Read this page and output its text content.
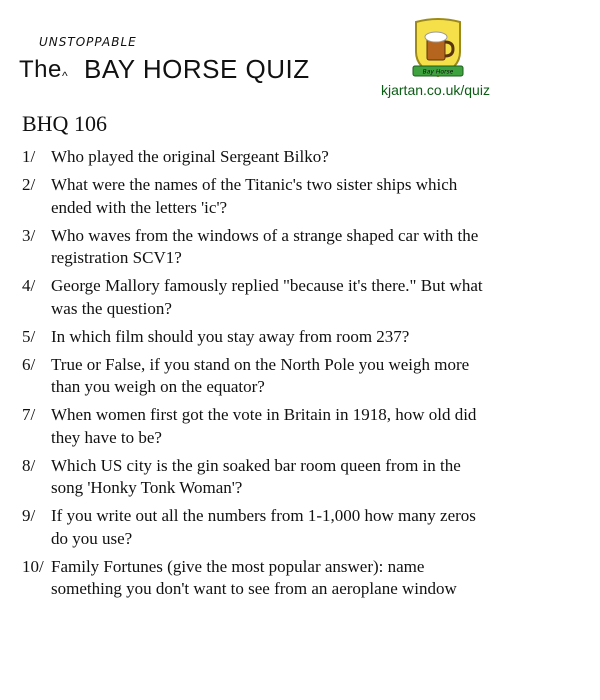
UNSTOPPABLE
The ^ BAY HORSE QUIZ	Bay Horse
kjartan.co.uk/quiz
BHQ 106
1/ Who played the original Sergeant Bilko?
2/ What were the names of the Titanic's two sister ships which
ended with the letters 'ic'?
3/ Who waves from the windows of a strange shaped car with the
registration SCV1?
4/ George Mallory famously replied "because it's there." But what
was the question?
5/ In which film should you stay away from room 237?
6/ True or False, if you stand on the North Pole you weigh more
than you weigh on the equator?
7/ When women first got the vote in Britain in 1918, how old did
they have to be?
8/ Which US city is the gin soaked bar room queen from in the
song 'Honky Tonk Woman'?
9/ If you write out all the numbers from 1-1,000 how many zeros
do you use?
10/ Family Fortunes (give the most popular answer): name
something you don't want to see from an aeroplane window
